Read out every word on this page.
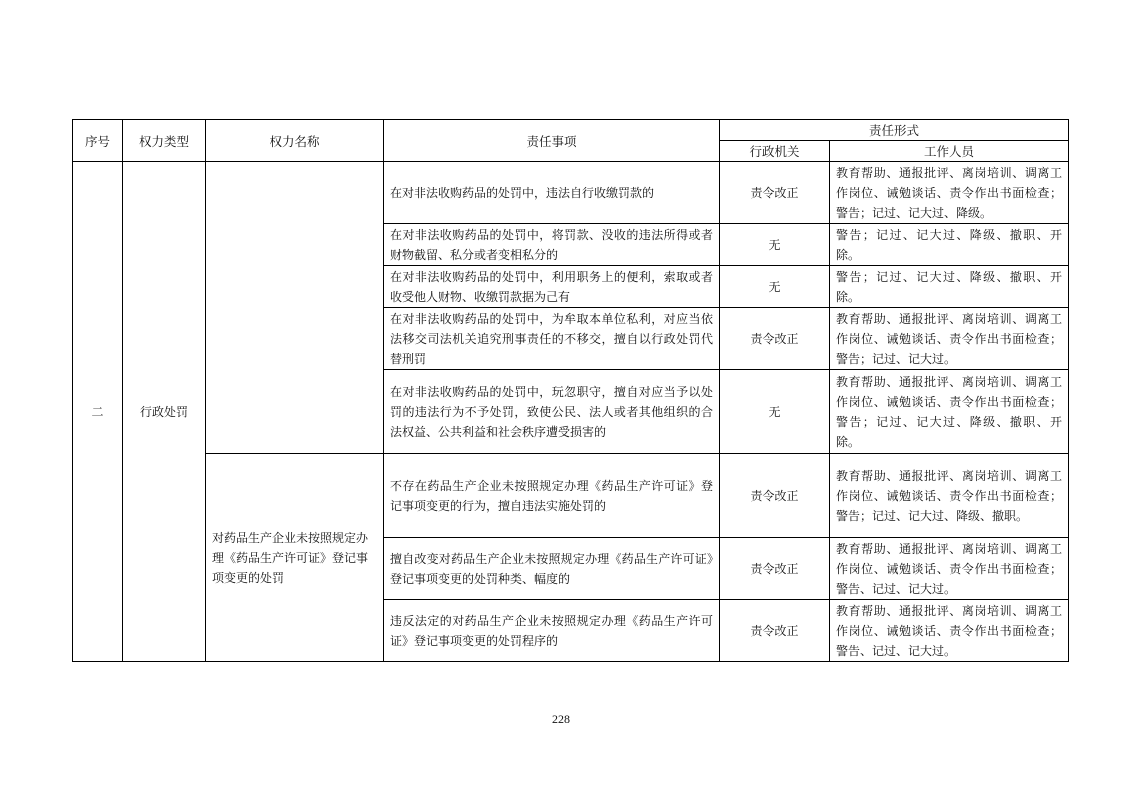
序号	权力类型	权力名称	责任事项	责任形式	
				行政机关	工作人员
二	行政处罚		在对非法收购药品的处罚中，违法自行收缴罚款的	责令改正	教育帮助、通报批评、离岗培训、调离工作岗位、诫勉谈话、责令作出书面检查；警告；记过、记大过、降级。
			在对非法收购药品的处罚中，将罚款、没收的违法所得或者财物截留、私分或者变相私分的	无	警告；记过、记大过、降级、撤职、开除。
			在对非法收购药品的处罚中，利用职务上的便利，索取或者收受他人财物、收缴罚款据为己有	无	警告；记过、记大过、降级、撤职、开除。
			在对非法收购药品的处罚中，为牟取本单位私利，对应当依法移交司法机关追究刑事责任的不移交，擅自以行政处罚代替刑罚	责令改正	教育帮助、通报批评、离岗培训、调离工作岗位、诫勉谈话、责令作出书面检查；警告；记过、记大过。
			在对非法收购药品的处罚中，玩忽职守，擅自对应当予以处罚的违法行为不予处罚，致使公民、法人或者其他组织的合法权益、公共利益和社会秩序遭受损害的	无	教育帮助、通报批评、离岗培训、调离工作岗位、诫勉谈话、责令作出书面检查；警告；记过、记大过、降级、撤职、开除。
		对药品生产企业未按照规定办理《药品生产许可证》登记事项变更的处罚	不存在药品生产企业未按照规定办理《药品生产许可证》登记事项变更的行为，擅自违法实施处罚的	责令改正	教育帮助、通报批评、离岗培训、调离工作岗位、诫勉谈话、责令作出书面检查；警告；记过、记大过、降级、撤职。
			擅自改变对药品生产企业未按照规定办理《药品生产许可证》登记事项变更的处罚种类、幅度的	责令改正	教育帮助、通报批评、离岗培训、调离工作岗位、诫勉谈话、责令作出书面检查；警告、记过、记大过。
			违反法定的对药品生产企业未按照规定办理《药品生产许可证》登记事项变更的处罚程序的	责令改正	教育帮助、通报批评、离岗培训、调离工作岗位、诫勉谈话、责令作出书面检查；警告、记过、记大过。
228
